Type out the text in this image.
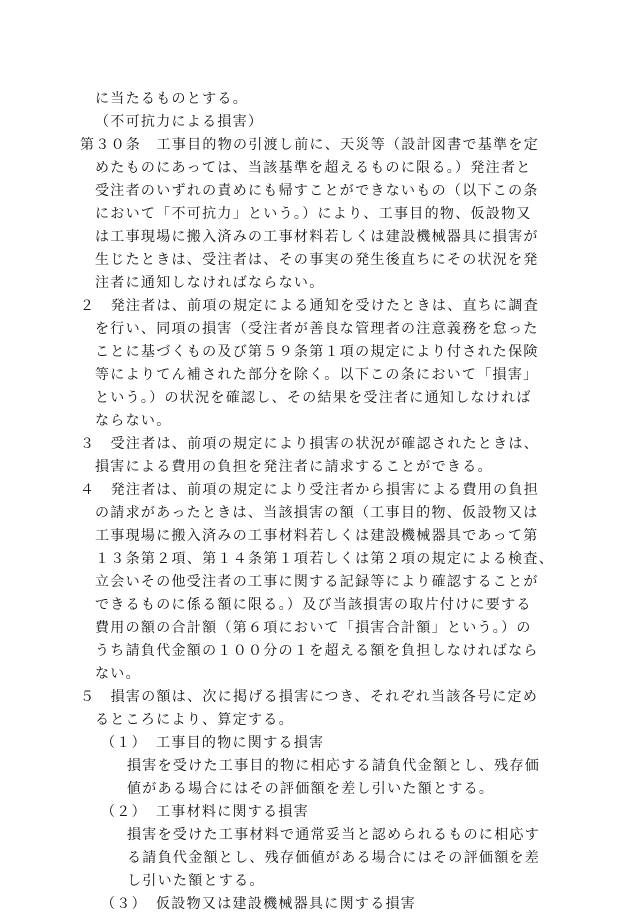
に当たるものとする。
（不可抗力による損害）
第３０条　工事目的物の引渡し前に、天災等（設計図書で基準を定
めたものにあっては、当該基準を超えるものに限る。）発注者と
受注者のいずれの責めにも帰すことができないもの（以下この条
において「不可抗力」という。）により、工事目的物、仮設物又
は工事現場に搬入済みの工事材料若しくは建設機械器具に損害が
生じたときは、受注者は、その事実の発生後直ちにその状況を発
注者に通知しなければならない。
２　発注者は、前項の規定による通知を受けたときは、直ちに調査
を行い、同項の損害（受注者が善良な管理者の注意義務を怠った
ことに基づくもの及び第５９条第１項の規定により付された保険
等によりてん補された部分を除く。以下この条において「損害」
という。）の状況を確認し、その結果を受注者に通知しなければ
ならない。
３　受注者は、前項の規定により損害の状況が確認されたときは、
損害による費用の負担を発注者に請求することができる。
４　発注者は、前項の規定により受注者から損害による費用の負担
の請求があったときは、当該損害の額（工事目的物、仮設物又は
工事現場に搬入済みの工事材料若しくは建設機械器具であって第
１３条第２項、第１４条第１項若しくは第２項の規定による検査、
立会いその他受注者の工事に関する記録等により確認することが
できるものに係る額に限る。）及び当該損害の取片付けに要する
費用の額の合計額（第６項において「損害合計額」という。）の
うち請負代金額の１００分の１を超える額を負担しなければなら
ない。
５　損害の額は、次に掲げる損害につき、それぞれ当該各号に定め
るところにより、算定する。
（１） 工事目的物に関する損害
損害を受けた工事目的物に相応する請負代金額とし、残存価
値がある場合にはその評価額を差し引いた額とする。
（２） 工事材料に関する損害
損害を受けた工事材料で通常妥当と認められるものに相応す
る請負代金額とし、残存価値がある場合にはその評価額を差
し引いた額とする。
（３） 仮設物又は建設機械器具に関する損害
